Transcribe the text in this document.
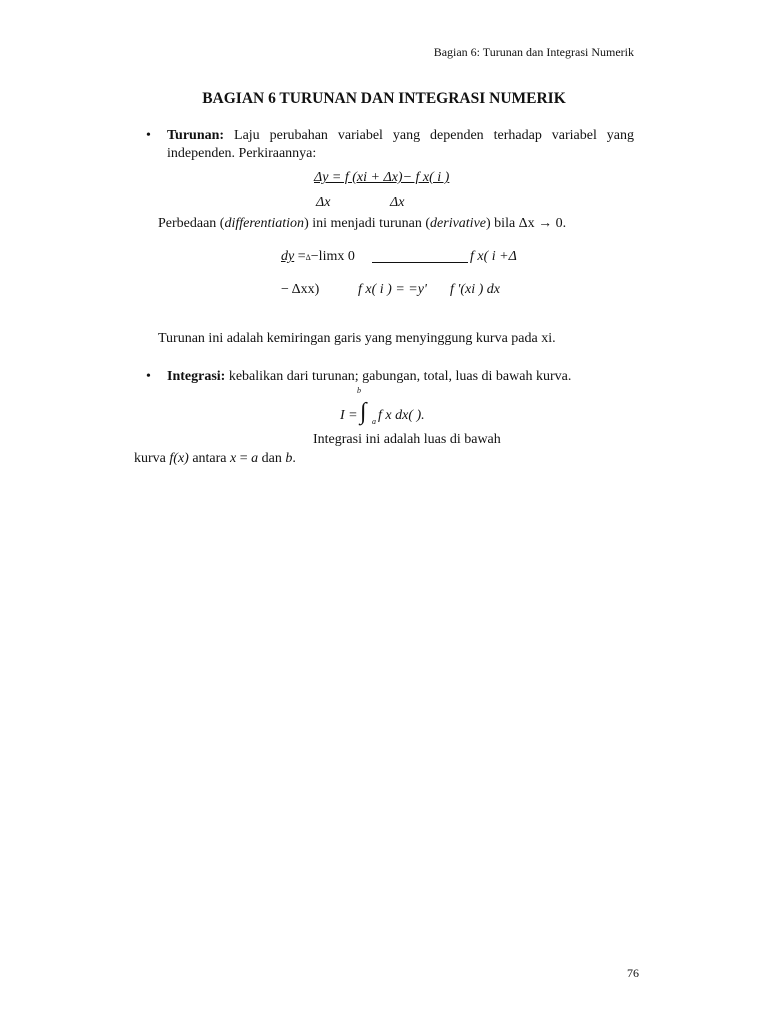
Bagian 6: Turunan dan Integrasi Numerik
BAGIAN 6 TURUNAN DAN INTEGRASI NUMERIK
• Turunan: Laju perubahan variabel yang dependen terhadap variabel yang
independen. Perkiraannya:
Δy = f (xi + Δx)− f x( i )
Δx	Δx
Perbedaan (differentiation) ini menjadi turunan (derivative) bila Δx → 0.
dy =Δ−limx 0	f x( i +Δ
− Δxx)	f x( i ) = =y' f '(xi ) dx
Turunan ini adalah kemiringan garis yang menyinggung kurva pada xi.
• Integrasi: kebalikan dari turunan; gabungan, total, luas di bawah kurva.
b
I = ∫ a f x dx( ).
Integrasi ini adalah luas di bawah
kurva f(x) antara x = a dan b.
76
